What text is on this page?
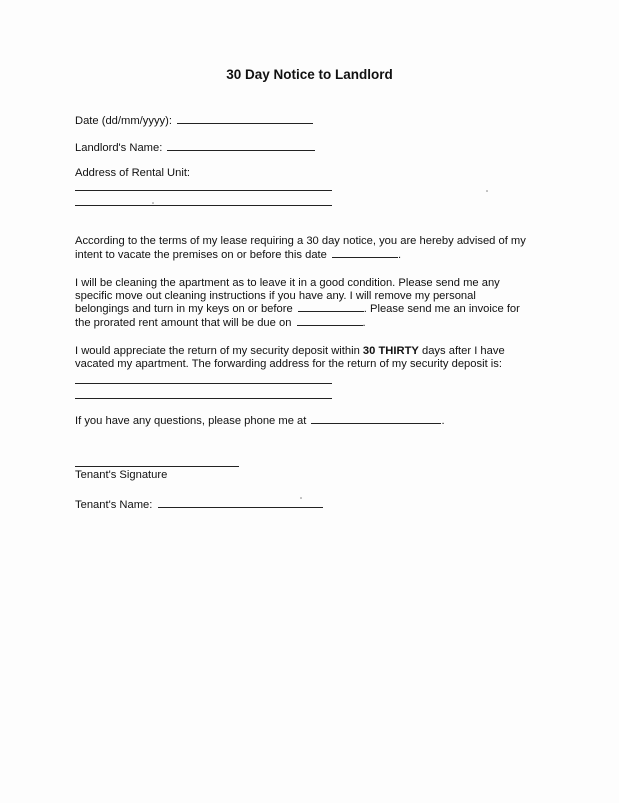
30 Day Notice to Landlord
Date (dd/mm/yyyy):
Landlord's Name:
Address of Rental Unit:
According to the terms of my lease requiring a 30 day notice, you are hereby advised of my
intent to vacate the premises on or before this date	.
I will be cleaning the apartment as to leave it in a good condition. Please send me any
specific move out cleaning instructions if you have any. I will remove my personal
belongings and turn in my keys on or before	. Please send me an invoice for
the prorated rent amount that will be due on	.
I would appreciate the return of my security deposit within 30 THIRTY days after I have
vacated my apartment. The forwarding address for the return of my security deposit is:
If you have any questions, please phone me at	.
Tenant's Signature
Tenant's Name:
